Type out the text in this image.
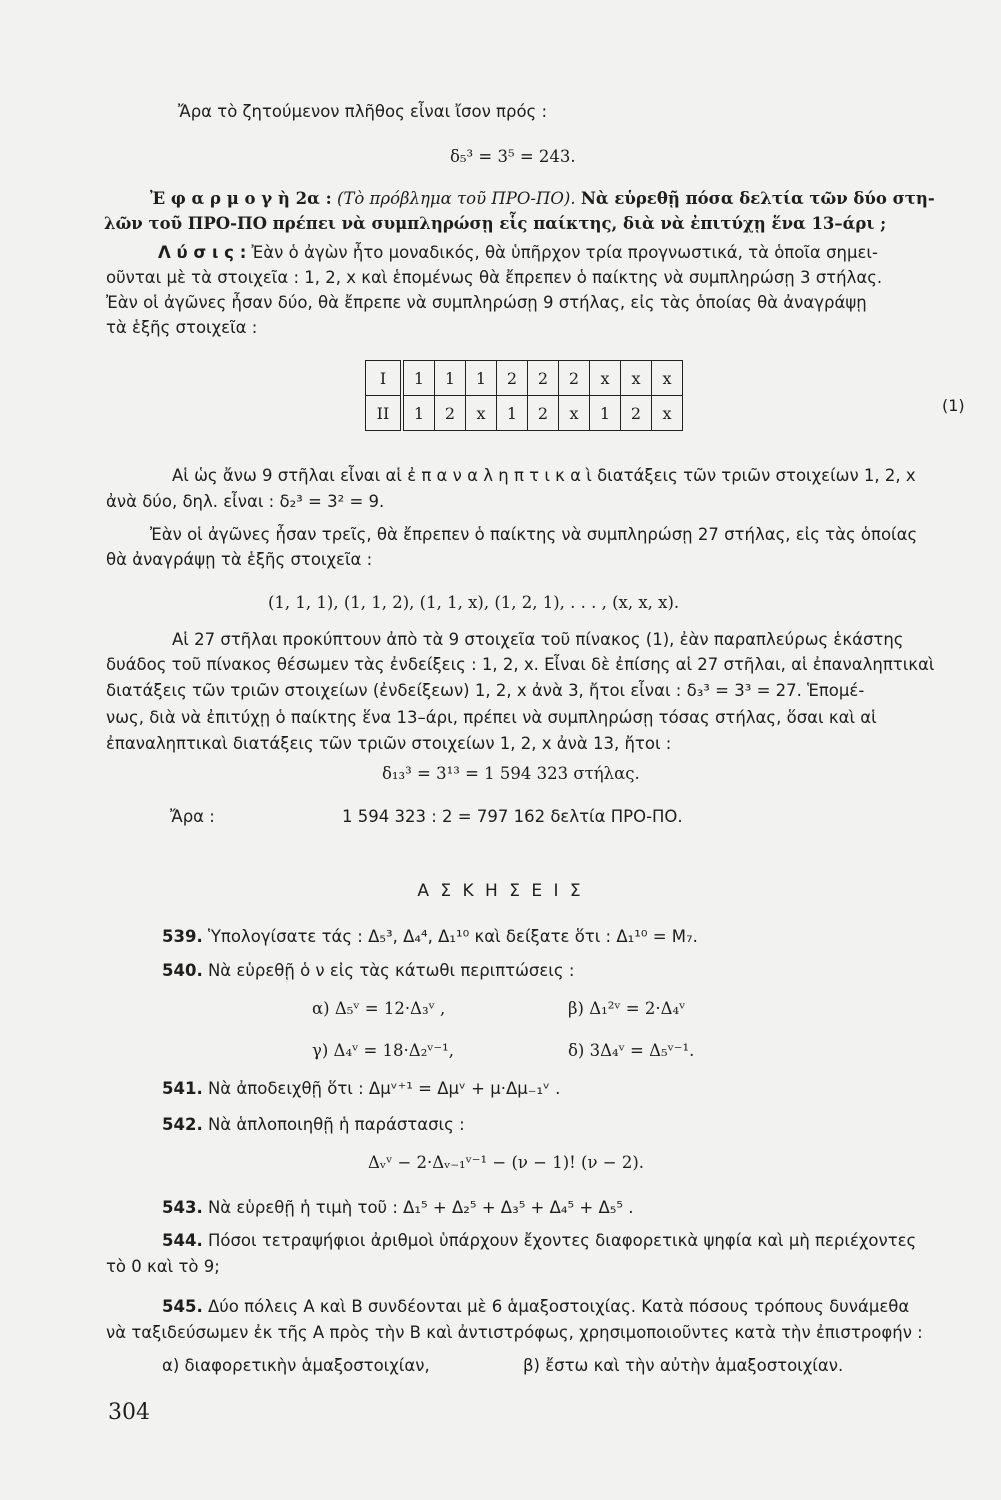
Ἄρα τὸ ζητούμενον πλῆθος εἶναι ἴσον πρός :
δ₅³ = 3⁵ = 243.
Ἐ φ α ρ μ ο γ ὴ 2α : (Τὸ πρόβλημα τοῦ ΠΡΟ-ΠΟ). Νὰ εὑρεθῇ πόσα δελτία τῶν δύο στη-
λῶν τοῦ ΠΡΟ-ΠΟ πρέπει νὰ συμπληρώσῃ εἷς παίκτης, διὰ νὰ ἐπιτύχῃ ἕνα 13–άρι ;
Λ ύ σ ι ς : Ἐὰν ὁ ἀγὼν ἦτο μοναδικός, θὰ ὑπῆρχον τρία προγνωστικά, τὰ ὁποῖα σημει-
οῦνται μὲ τὰ στοιχεῖα : 1, 2, x καὶ ἑπομένως θὰ ἔπρεπεν ὁ παίκτης νὰ συμπληρώσῃ 3 στήλας.
Ἐὰν οἱ ἀγῶνες ἦσαν δύο, θὰ ἔπρεπε νὰ συμπληρώσῃ 9 στήλας, εἰς τὰς ὁποίας θὰ ἀναγράψῃ
τὰ ἑξῆς στοιχεῖα :
I	1	1	1	2	2	2	x	x	x
II	1	2	x	1	2	x	1	2	x	(1)
Αἱ ὡς ἄνω 9 στῆλαι εἶναι αἱ ἐ π α ν α λ η π τ ι κ α ὶ διατάξεις τῶν τριῶν στοιχείων 1, 2, x
ἀνὰ δύο, δηλ. εἶναι : δ₂³ = 3² = 9.
Ἐὰν οἱ ἀγῶνες ἦσαν τρεῖς, θὰ ἔπρεπεν ὁ παίκτης νὰ συμπληρώσῃ 27 στήλας, εἰς τὰς ὁποίας
θὰ ἀναγράψῃ τὰ ἑξῆς στοιχεῖα :
(1, 1, 1), (1, 1, 2), (1, 1, x), (1, 2, 1), . . . , (x, x, x).
Αἱ 27 στῆλαι προκύπτουν ἀπὸ τὰ 9 στοιχεῖα τοῦ πίνακος (1), ἐὰν παραπλεύρως ἑκάστης
δυάδος τοῦ πίνακος θέσωμεν τὰς ἐνδείξεις : 1, 2, x. Εἶναι δὲ ἐπίσης αἱ 27 στῆλαι, αἱ ἐπαναληπτικαὶ
διατάξεις τῶν τριῶν στοιχείων (ἐνδείξεων) 1, 2, x ἀνὰ 3, ἤτοι εἶναι : δ₃³ = 3³ = 27. Ἑπομέ-
νως, διὰ νὰ ἐπιτύχῃ ὁ παίκτης ἕνα 13–άρι, πρέπει νὰ συμπληρώσῃ τόσας στήλας, ὅσαι καὶ αἱ
ἐπαναληπτικαὶ διατάξεις τῶν τριῶν στοιχείων 1, 2, x ἀνὰ 13, ἤτοι :
δ₁₃³ = 3¹³ = 1 594 323 στήλας.
Ἄρα :	1 594 323 : 2 = 797 162 δελτία ΠΡΟ-ΠΟ.
Α Σ Κ Η Σ Ε Ι Σ
539. Ὑπολογίσατε τάς : Δ₅³, Δ₄⁴, Δ₁¹⁰ καὶ δείξατε ὅτι : Δ₁¹⁰ = Μ₇.
540. Νὰ εὑρεθῇ ὁ ν εἰς τὰς κάτωθι περιπτώσεις :
α) Δ₅ᵛ = 12·Δ₃ᵛ ,	β) Δ₁²ᵛ = 2·Δ₄ᵛ
γ) Δ₄ᵛ = 18·Δ₂ᵛ⁻¹,	δ) 3Δ₄ᵛ = Δ₅ᵛ⁻¹.
541. Νὰ ἀποδειχθῇ ὅτι : Δμᵛ⁺¹ = Δμᵛ + μ·Δμ₋₁ᵛ .
542. Νὰ ἁπλοποιηθῇ ἡ παράστασις :
Δᵥᵛ − 2·Δᵥ₋₁ᵛ⁻¹ − (ν − 1)! (ν − 2).
543. Νὰ εὑρεθῇ ἡ τιμὴ τοῦ : Δ₁⁵ + Δ₂⁵ + Δ₃⁵ + Δ₄⁵ + Δ₅⁵ .
544. Πόσοι τετραψήφιοι ἀριθμοὶ ὑπάρχουν ἔχοντες διαφορετικὰ ψηφία καὶ μὴ περιέχοντες
τὸ 0 καὶ τὸ 9;
545. Δύο πόλεις Α καὶ Β συνδέονται μὲ 6 ἁμαξοστοιχίας. Κατὰ πόσους τρόπους δυνάμεθα
νὰ ταξιδεύσωμεν ἐκ τῆς Α πρὸς τὴν Β καὶ ἀντιστρόφως, χρησιμοποιοῦντες κατὰ τὴν ἐπιστροφήν :
α) διαφορετικὴν ἁμαξοστοιχίαν,	β) ἔστω καὶ τὴν αὐτὴν ἁμαξοστοιχίαν.
304
